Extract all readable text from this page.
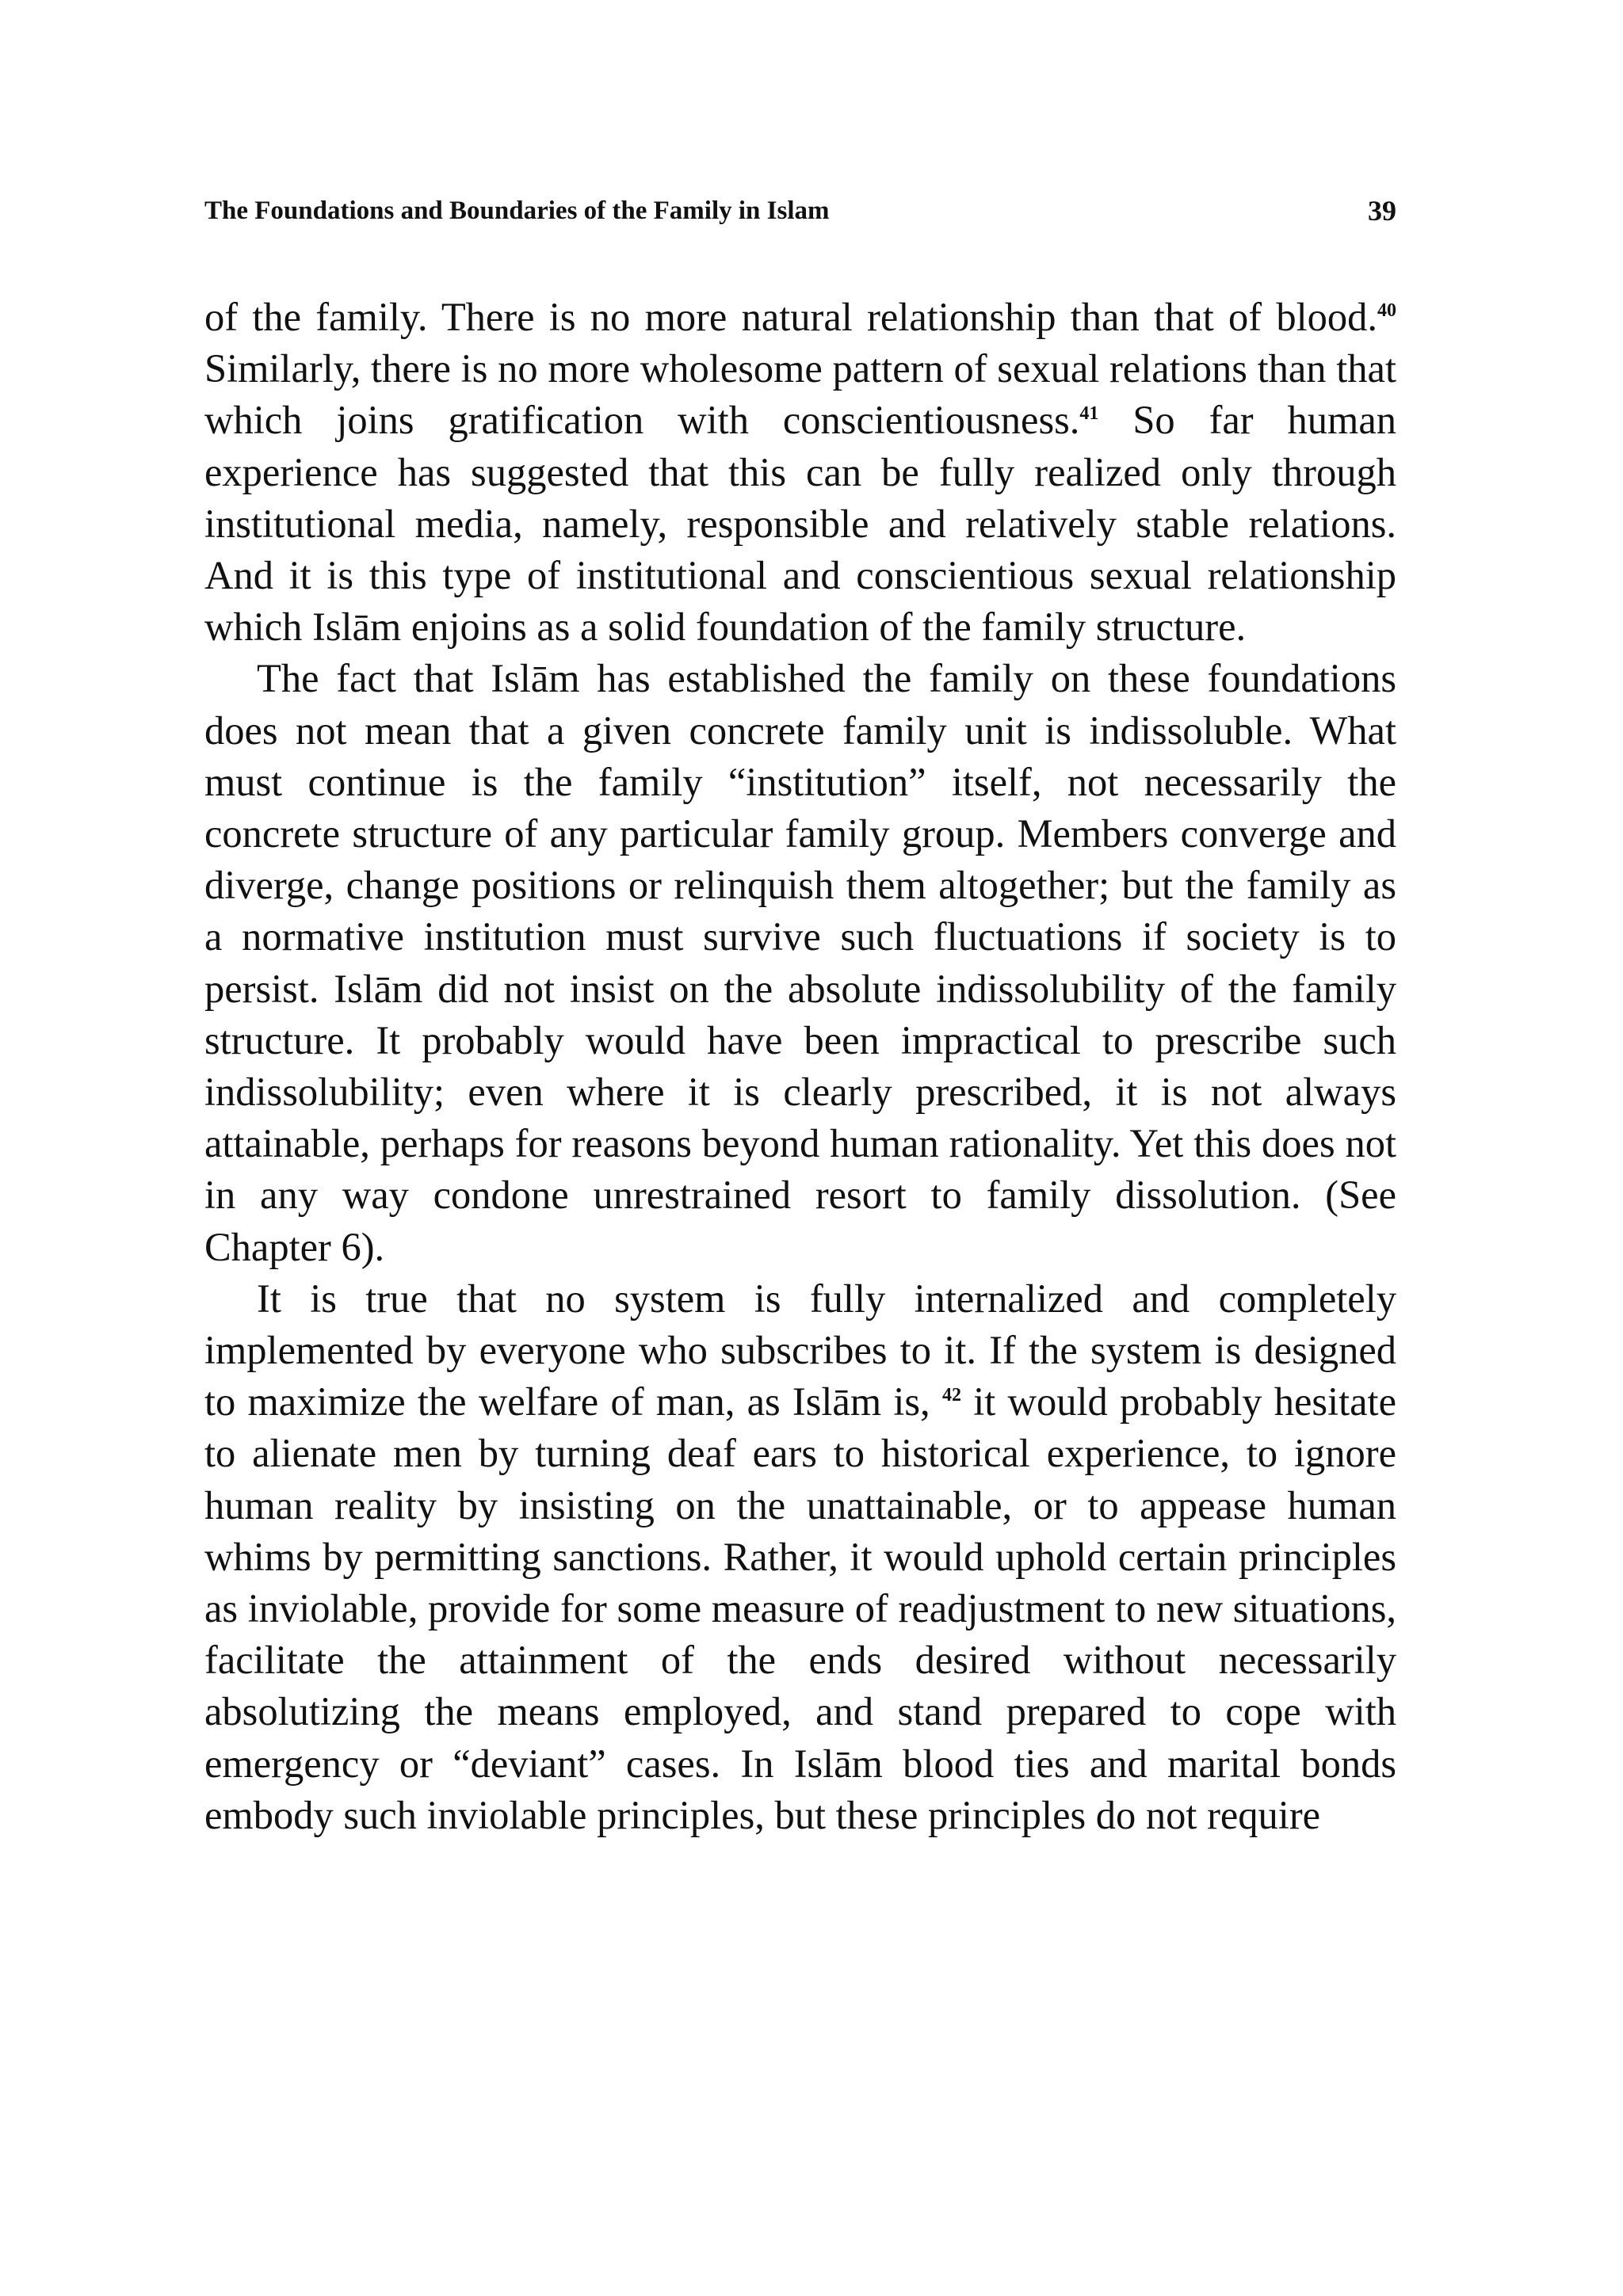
The Foundations and Boundaries of the Family in Islam	39

of the family. There is no more natural relationship than that of blood.$^{40}$ Similarly, there is no more wholesome pattern of sexual relations than that which joins gratification with conscientiousness.$^{41}$ So far human experience has suggested that this can be fully realized only through institutional media, namely, responsible and relatively stable relations. And it is this type of institutional and conscientious sexual relationship which Islām enjoins as a solid foundation of the family structure.

The fact that Islām has established the family on these foundations does not mean that a given concrete family unit is indissoluble. What must continue is the family “institution” itself, not necessarily the concrete structure of any particular family group. Members converge and diverge, change positions or relinquish them altogether; but the family as a normative institution must survive such fluctuations if society is to persist. Islām did not insist on the absolute indissolubility of the family structure. It probably would have been impractical to prescribe such indissolubility; even where it is clearly prescribed, it is not always attainable, perhaps for reasons beyond human rationality. Yet this does not in any way condone unrestrained resort to family dissolution. (See Chapter 6).

It is true that no system is fully internalized and completely implemented by everyone who subscribes to it. If the system is designed to maximize the welfare of man, as Islām is, $^{42}$ it would probably hesitate to alienate men by turning deaf ears to historical experience, to ignore human reality by insisting on the unattainable, or to appease human whims by permitting sanctions. Rather, it would uphold certain principles as inviolable, provide for some measure of readjustment to new situations, facilitate the attainment of the ends desired without necessarily absolutizing the means employed, and stand prepared to cope with emergency or “deviant” cases. In Islām blood ties and marital bonds embody such inviolable principles, but these principles do not require
